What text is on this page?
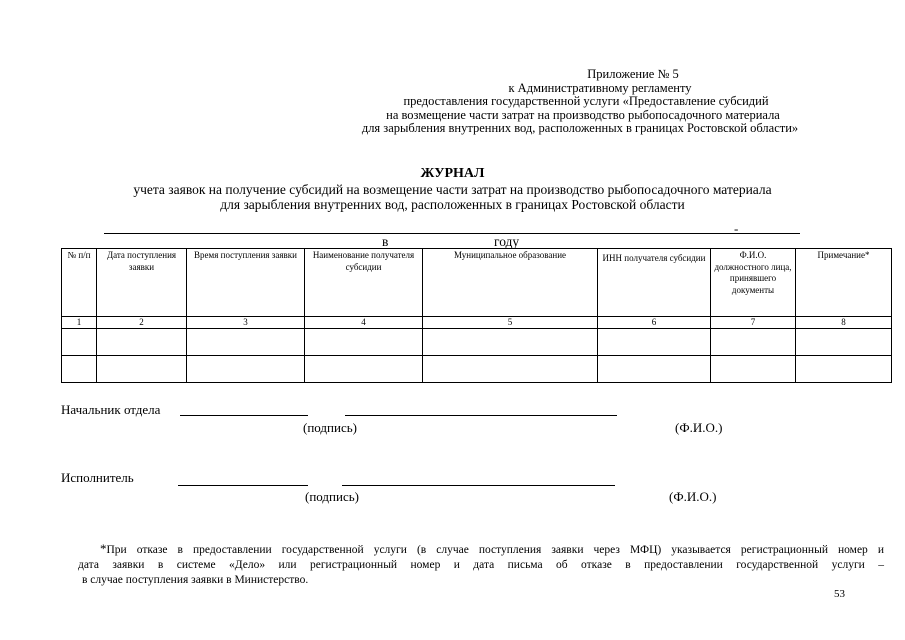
Приложение № 5
к Административному регламенту
предоставления государственной услуги «Предоставление субсидий
на возмещение части затрат на производство рыбопосадочного материала
для зарыбления внутренних вод, расположенных в границах Ростовской области»
ЖУРНАЛ
учета заявок на получение субсидий на возмещение части затрат на производство рыбопосадочного материала
для зарыбления внутренних вод, расположенных в границах Ростовской области
-
в	году
№ п/п	Дата поступления заявки	Время поступления заявки	Наименование получателя субсидии	Муниципальное образование	ИНН получателя субсидии	Ф.И.О. должностного лица, принявшего документы	Примечание*
1	2	3	4	5	6	7	8

Начальник отдела
(подпись)	(Ф.И.О.)
Исполнитель
(подпись)	(Ф.И.О.)
*При отказе в предоставлении государственной услуги (в случае поступления заявки через МФЦ) указывается регистрационный номер и
дата заявки в системе «Дело» или регистрационный номер и дата письма об отказе в предоставлении государственной услуги –
в случае поступления заявки в Министерство.
53
